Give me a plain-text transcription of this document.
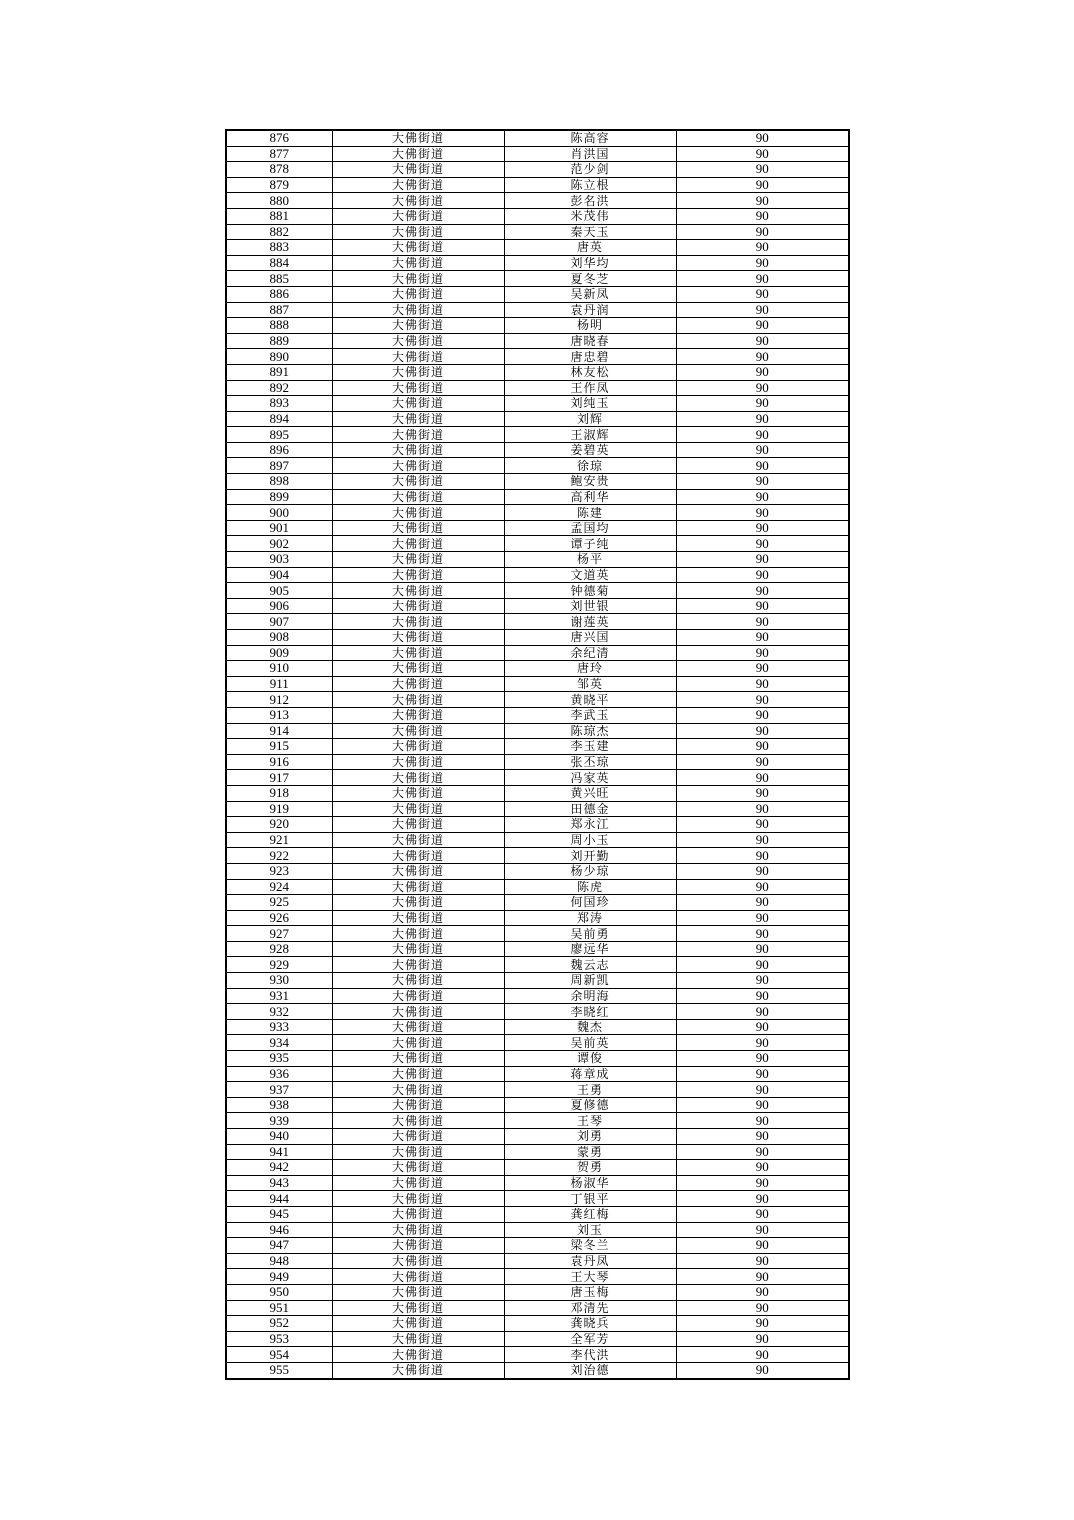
876	大佛街道	陈高容	90
877	大佛街道	肖洪国	90
878	大佛街道	范少剑	90
879	大佛街道	陈立根	90
880	大佛街道	彭名洪	90
881	大佛街道	米茂伟	90
882	大佛街道	秦天玉	90
883	大佛街道	唐英	90
884	大佛街道	刘华均	90
885	大佛街道	夏冬芝	90
886	大佛街道	吴新凤	90
887	大佛街道	袁丹润	90
888	大佛街道	杨明	90
889	大佛街道	唐晓春	90
890	大佛街道	唐忠碧	90
891	大佛街道	林友松	90
892	大佛街道	王作凤	90
893	大佛街道	刘纯玉	90
894	大佛街道	刘辉	90
895	大佛街道	王淑辉	90
896	大佛街道	姜碧英	90
897	大佛街道	徐琼	90
898	大佛街道	鲍安贵	90
899	大佛街道	高利华	90
900	大佛街道	陈建	90
901	大佛街道	孟国均	90
902	大佛街道	谭子纯	90
903	大佛街道	杨平	90
904	大佛街道	文道英	90
905	大佛街道	钟德菊	90
906	大佛街道	刘世银	90
907	大佛街道	谢莲英	90
908	大佛街道	唐兴国	90
909	大佛街道	余纪清	90
910	大佛街道	唐玲	90
911	大佛街道	邹英	90
912	大佛街道	黄晓平	90
913	大佛街道	李武玉	90
914	大佛街道	陈琼杰	90
915	大佛街道	李玉建	90
916	大佛街道	张丕琼	90
917	大佛街道	冯家英	90
918	大佛街道	黄兴旺	90
919	大佛街道	田德金	90
920	大佛街道	郑永江	90
921	大佛街道	周小玉	90
922	大佛街道	刘开勤	90
923	大佛街道	杨少琼	90
924	大佛街道	陈虎	90
925	大佛街道	何国珍	90
926	大佛街道	郑涛	90
927	大佛街道	吴前勇	90
928	大佛街道	廖远华	90
929	大佛街道	魏云志	90
930	大佛街道	周新凯	90
931	大佛街道	余明海	90
932	大佛街道	李晓红	90
933	大佛街道	魏杰	90
934	大佛街道	吴前英	90
935	大佛街道	谭俊	90
936	大佛街道	蒋章成	90
937	大佛街道	王勇	90
938	大佛街道	夏修德	90
939	大佛街道	王琴	90
940	大佛街道	刘勇	90
941	大佛街道	蒙勇	90
942	大佛街道	贺勇	90
943	大佛街道	杨淑华	90
944	大佛街道	丁银平	90
945	大佛街道	龚红梅	90
946	大佛街道	刘玉	90
947	大佛街道	梁冬兰	90
948	大佛街道	袁丹凤	90
949	大佛街道	王大琴	90
950	大佛街道	唐玉梅	90
951	大佛街道	邓清先	90
952	大佛街道	龚晓兵	90
953	大佛街道	全军芳	90
954	大佛街道	李代洪	90
955	大佛街道	刘治德	90
